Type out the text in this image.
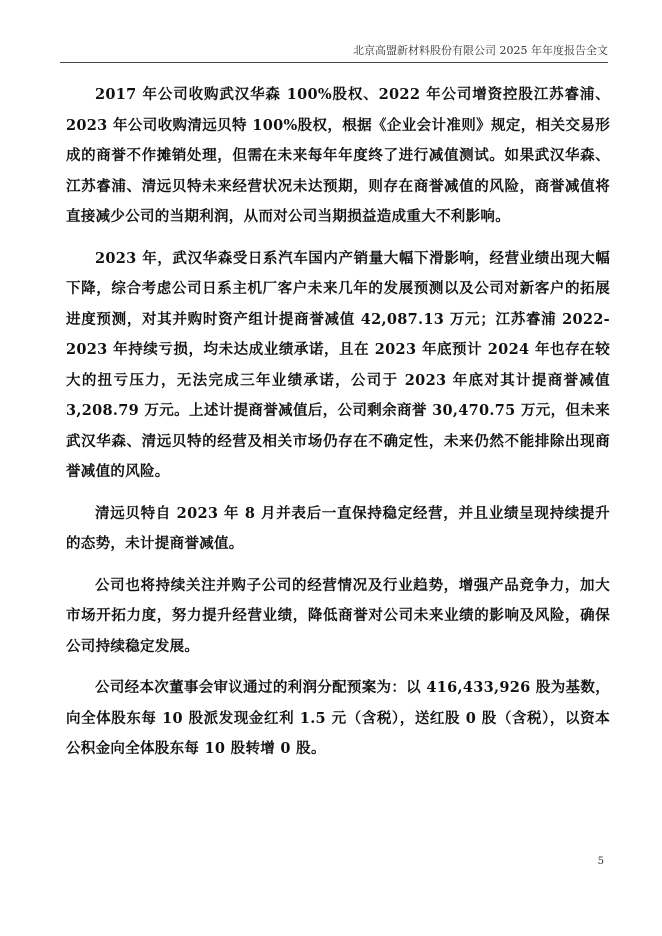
北京高盟新材料股份有限公司 2025 年年度报告全文

2017 年公司收购武汉华森 100%股权、2022 年公司增资控股江苏睿浦、2023 年公司收购清远贝特 100%股权，根据《企业会计准则》规定，相关交易形成的商誉不作摊销处理，但需在未来每年年度终了进行减值测试。如果武汉华森、江苏睿浦、清远贝特未来经营状况未达预期，则存在商誉减值的风险，商誉减值将直接减少公司的当期利润，从而对公司当期损益造成重大不利影响。

2023 年，武汉华森受日系汽车国内产销量大幅下滑影响，经营业绩出现大幅下降，综合考虑公司日系主机厂客户未来几年的发展预测以及公司对新客户的拓展进度预测，对其并购时资产组计提商誉减值 42,087.13 万元；江苏睿浦 2022-2023 年持续亏损，均未达成业绩承诺，且在 2023 年底预计 2024 年也存在较大的扭亏压力，无法完成三年业绩承诺，公司于 2023 年底对其计提商誉减值 3,208.79 万元。上述计提商誉减值后，公司剩余商誉 30,470.75 万元，但未来武汉华森、清远贝特的经营及相关市场仍存在不确定性，未来仍然不能排除出现商誉减值的风险。

清远贝特自 2023 年 8 月并表后一直保持稳定经营，并且业绩呈现持续提升的态势，未计提商誉减值。

公司也将持续关注并购子公司的经营情况及行业趋势，增强产品竞争力，加大市场开拓力度，努力提升经营业绩，降低商誉对公司未来业绩的影响及风险，确保公司持续稳定发展。

公司经本次董事会审议通过的利润分配预案为：以 416,433,926 股为基数，向全体股东每 10 股派发现金红利 1.5 元（含税），送红股 0 股（含税），以资本公积金向全体股东每 10 股转增 0 股。

5
